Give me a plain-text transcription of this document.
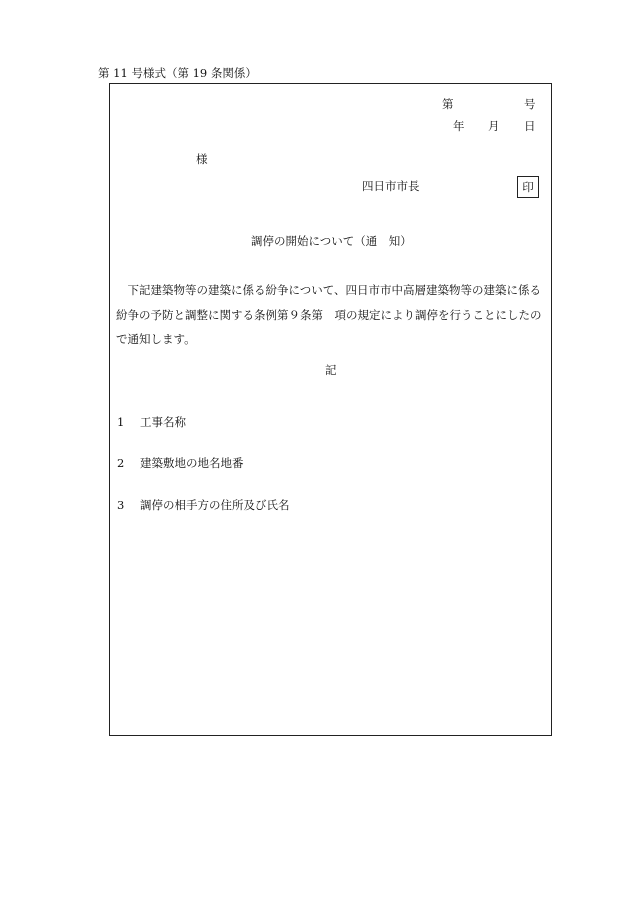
第 11 号様式（第 19 条関係）
第	号
年 月 日
様
四日市市長	印
調停の開始について（通　知）
　下記建築物等の建築に係る紛争について、四日市市中高層建築物等の建築に係る紛争の予防と調整に関する条例第９条第　項の規定により調停を行うことにしたので通知します。
記
1 工事名称
2 建築敷地の地名地番
3 調停の相手方の住所及び氏名
